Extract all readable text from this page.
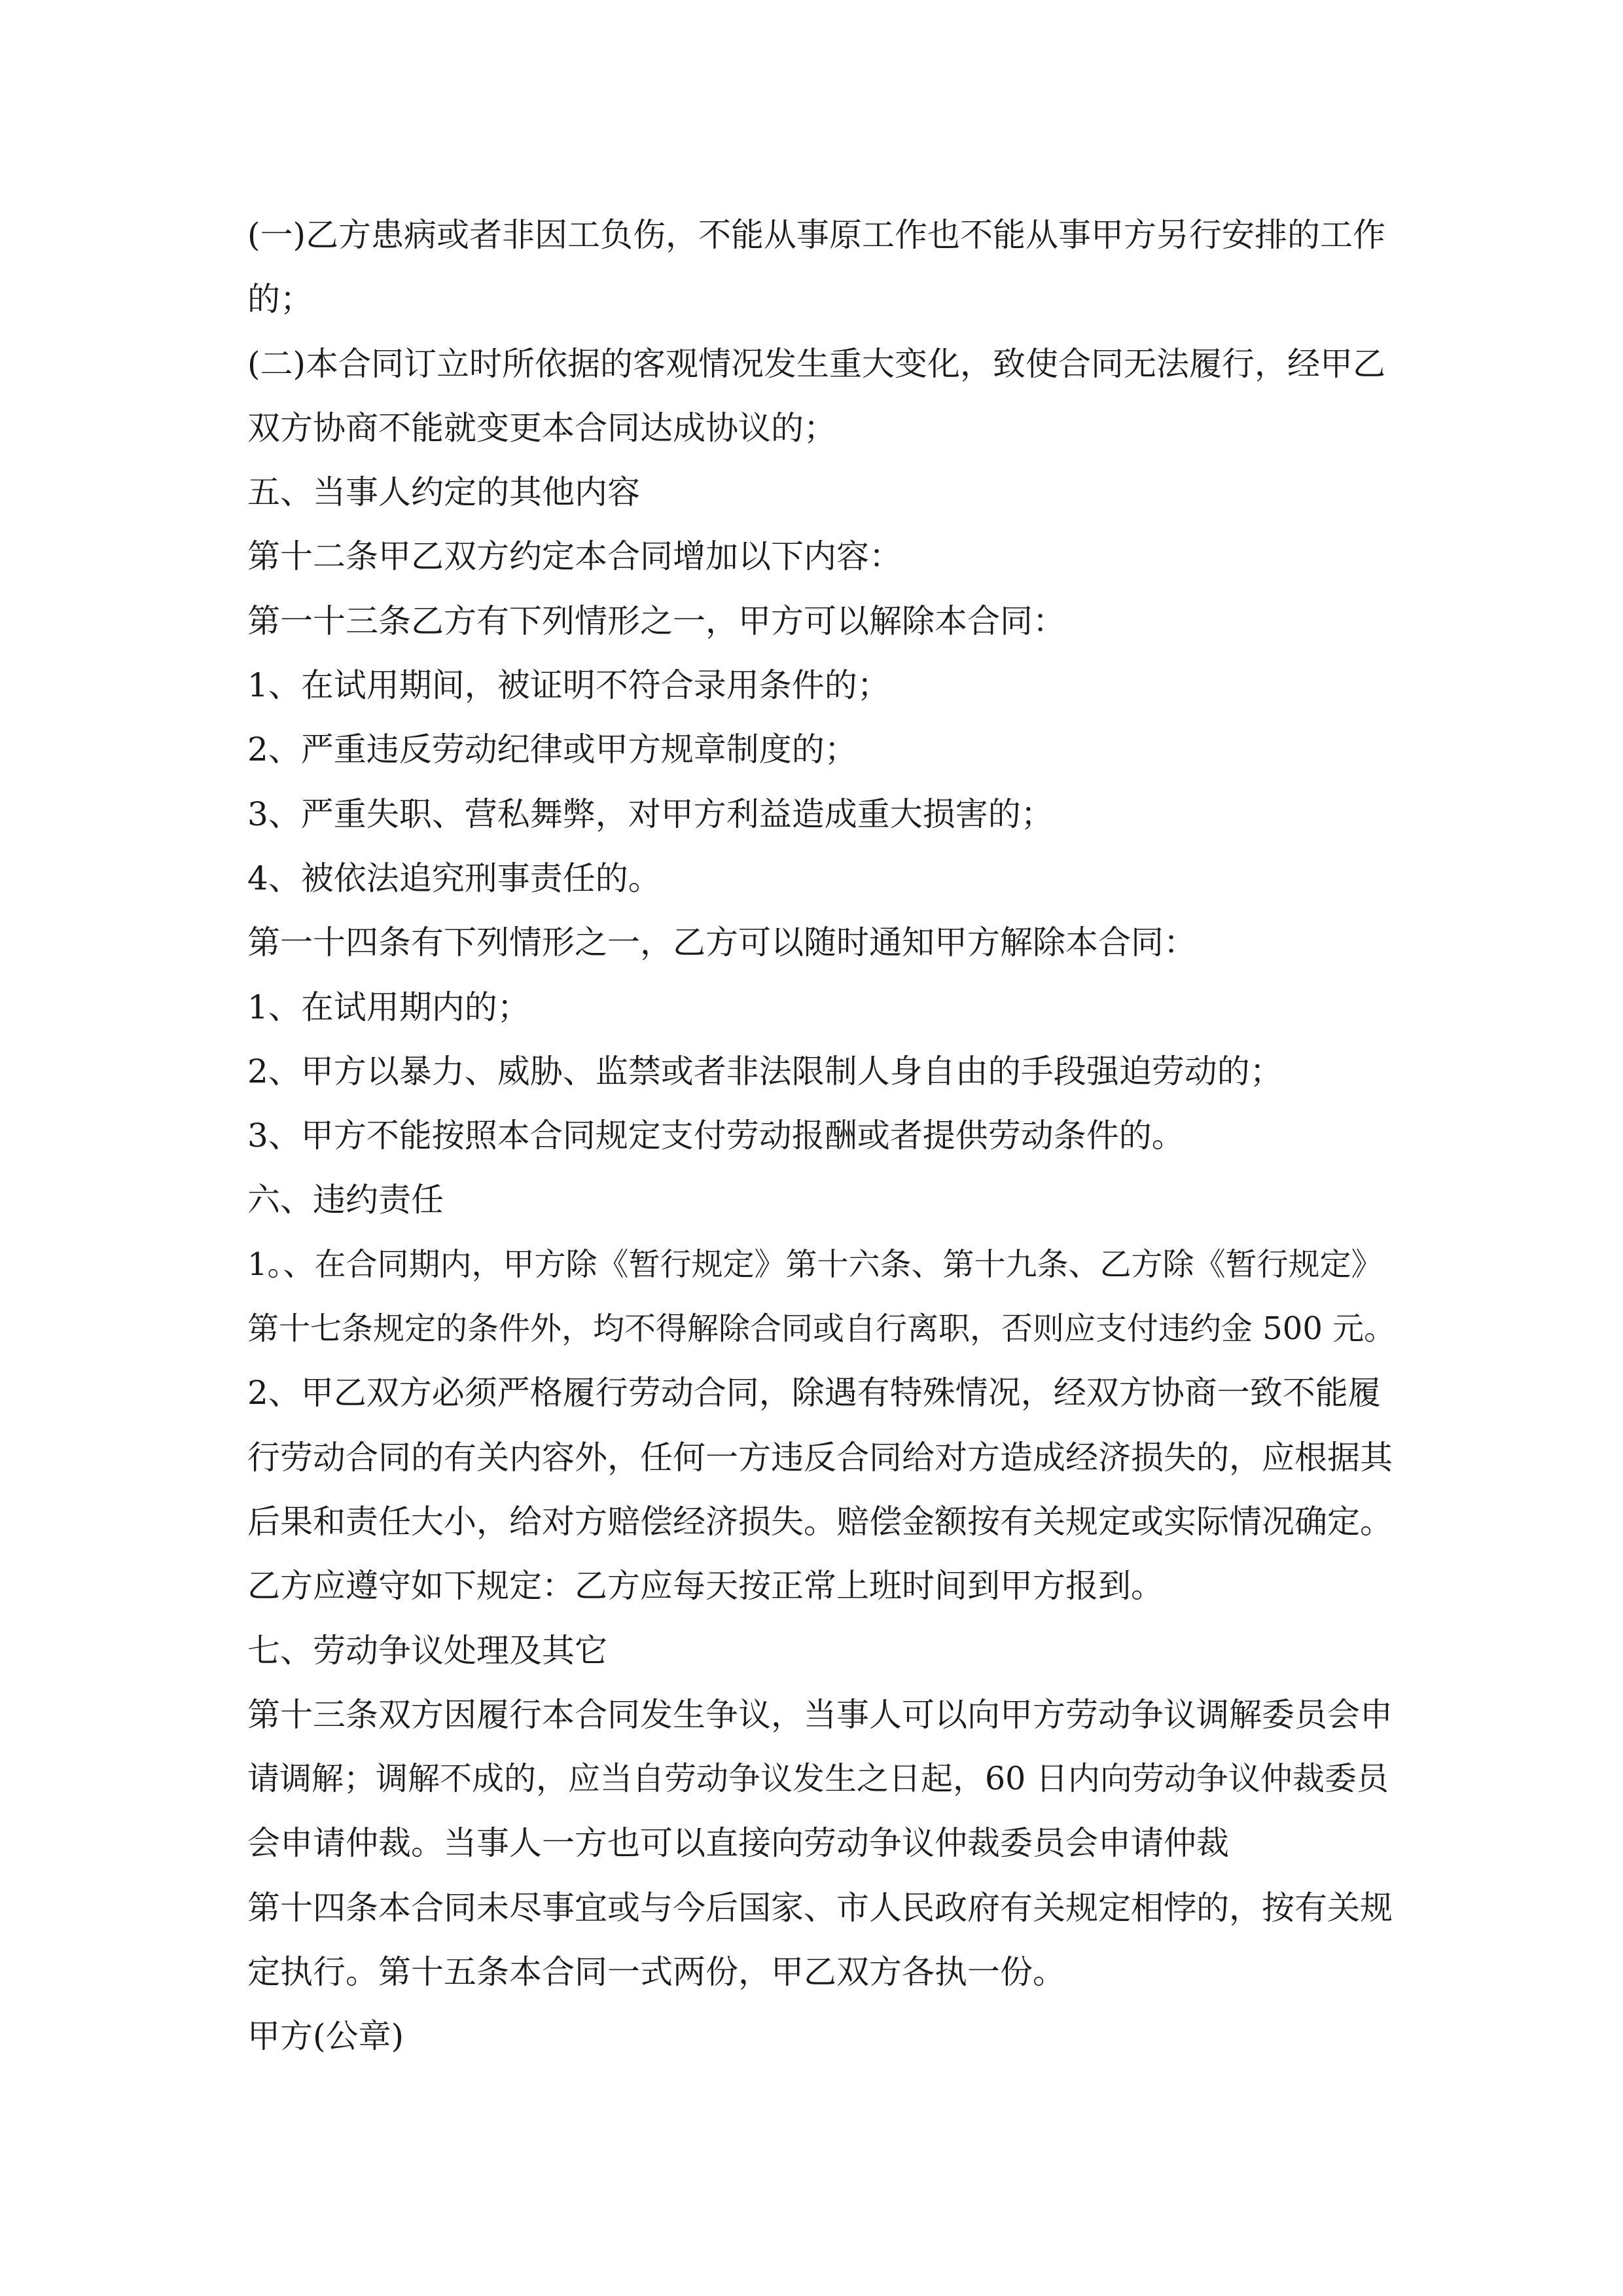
(一)乙方患病或者非因工负伤，不能从事原工作也不能从事甲方另行安排的工作

的；

(二)本合同订立时所依据的客观情况发生重大变化，致使合同无法履行，经甲乙

双方协商不能就变更本合同达成协议的；

五、当事人约定的其他内容

第十二条甲乙双方约定本合同增加以下内容：

第一十三条乙方有下列情形之一，甲方可以解除本合同：

1、在试用期间，被证明不符合录用条件的；

2、严重违反劳动纪律或甲方规章制度的；

3、严重失职、营私舞弊，对甲方利益造成重大损害的；

4、被依法追究刑事责任的。

第一十四条有下列情形之一，乙方可以随时通知甲方解除本合同：

1、在试用期内的；

2、甲方以暴力、威胁、监禁或者非法限制人身自由的手段强迫劳动的；

3、甲方不能按照本合同规定支付劳动报酬或者提供劳动条件的。

六、违约责任

1。、在合同期内，甲方除《暂行规定》第十六条、第十九条、乙方除《暂行规定》

第十七条规定的条件外，均不得解除合同或自行离职，否则应支付违约金 500 元。

2、甲乙双方必须严格履行劳动合同，除遇有特殊情况，经双方协商一致不能履

行劳动合同的有关内容外，任何一方违反合同给对方造成经济损失的，应根据其

后果和责任大小，给对方赔偿经济损失。赔偿金额按有关规定或实际情况确定。

乙方应遵守如下规定：乙方应每天按正常上班时间到甲方报到。

七、劳动争议处理及其它

第十三条双方因履行本合同发生争议，当事人可以向甲方劳动争议调解委员会申

请调解；调解不成的，应当自劳动争议发生之日起，60 日内向劳动争议仲裁委员

会申请仲裁。当事人一方也可以直接向劳动争议仲裁委员会申请仲裁

第十四条本合同未尽事宜或与今后国家、市人民政府有关规定相悖的，按有关规

定执行。第十五条本合同一式两份，甲乙双方各执一份。

甲方(公章)
